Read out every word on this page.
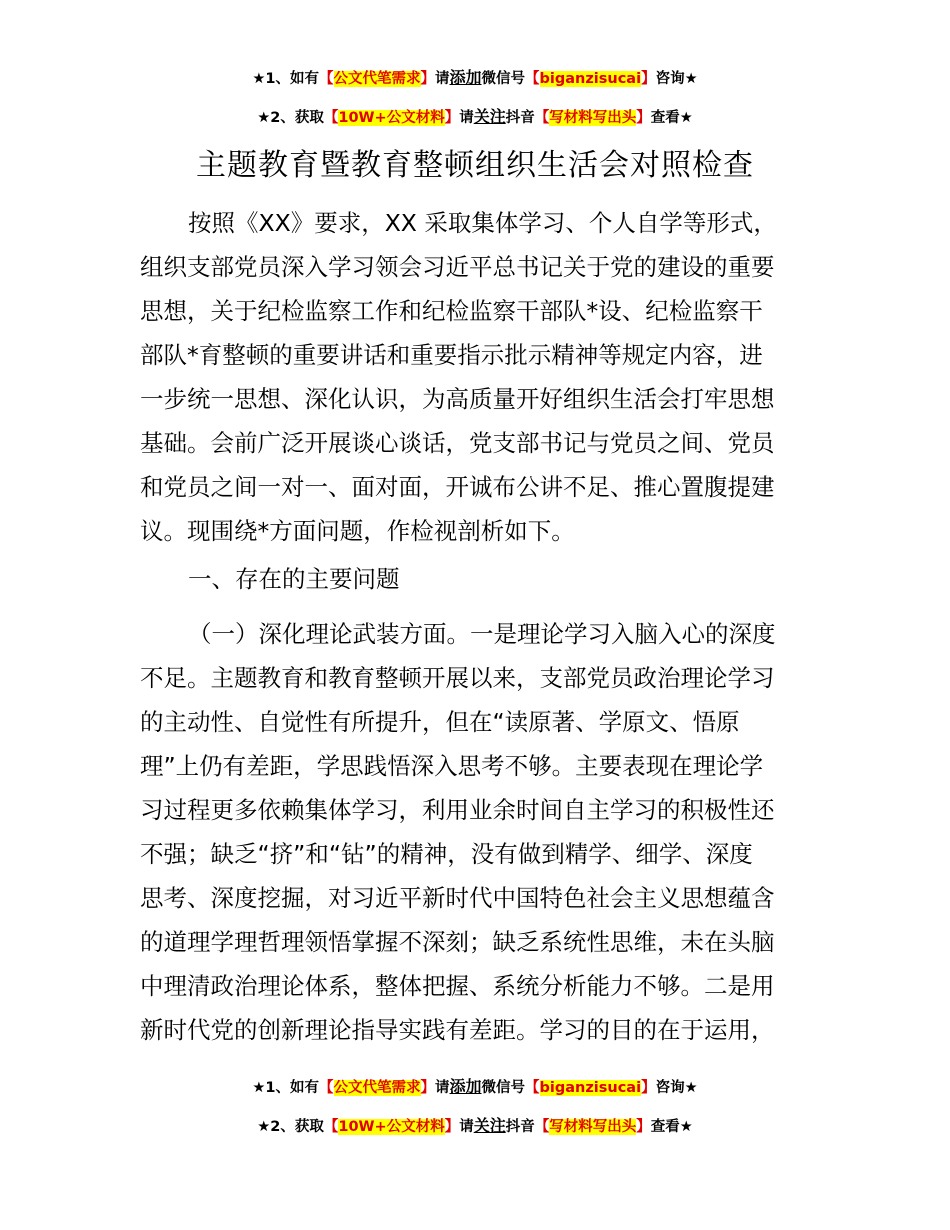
★1、如有【公文代笔需求】请添加微信号【biganzisucai】咨询★
★2、获取【10W+公文材料】请关注抖音【写材料写出头】查看★
主题教育暨教育整顿组织生活会对照检查
按照《XX》要求，XX 采取集体学习、个人自学等形式，
组织支部党员深入学习领会习近平总书记关于党的建设的重要
思想，关于纪检监察工作和纪检监察干部队*设、纪检监察干
部队*育整顿的重要讲话和重要指示批示精神等规定内容，进
一步统一思想、深化认识，为高质量开好组织生活会打牢思想
基础。会前广泛开展谈心谈话，党支部书记与党员之间、党员
和党员之间一对一、面对面，开诚布公讲不足、推心置腹提建
议。现围绕*方面问题，作检视剖析如下。
一、存在的主要问题
（一）深化理论武装方面。一是理论学习入脑入心的深度
不足。主题教育和教育整顿开展以来，支部党员政治理论学习
的主动性、自觉性有所提升，但在“读原著、学原文、悟原
理”上仍有差距，学思践悟深入思考不够。主要表现在理论学
习过程更多依赖集体学习，利用业余时间自主学习的积极性还
不强；缺乏“挤”和“钻”的精神，没有做到精学、细学、深度
思考、深度挖掘，对习近平新时代中国特色社会主义思想蕴含
的道理学理哲理领悟掌握不深刻；缺乏系统性思维，未在头脑
中理清政治理论体系，整体把握、系统分析能力不够。二是用
新时代党的创新理论指导实践有差距。学习的目的在于运用，
★1、如有【公文代笔需求】请添加微信号【biganzisucai】咨询★
★2、获取【10W+公文材料】请关注抖音【写材料写出头】查看★
